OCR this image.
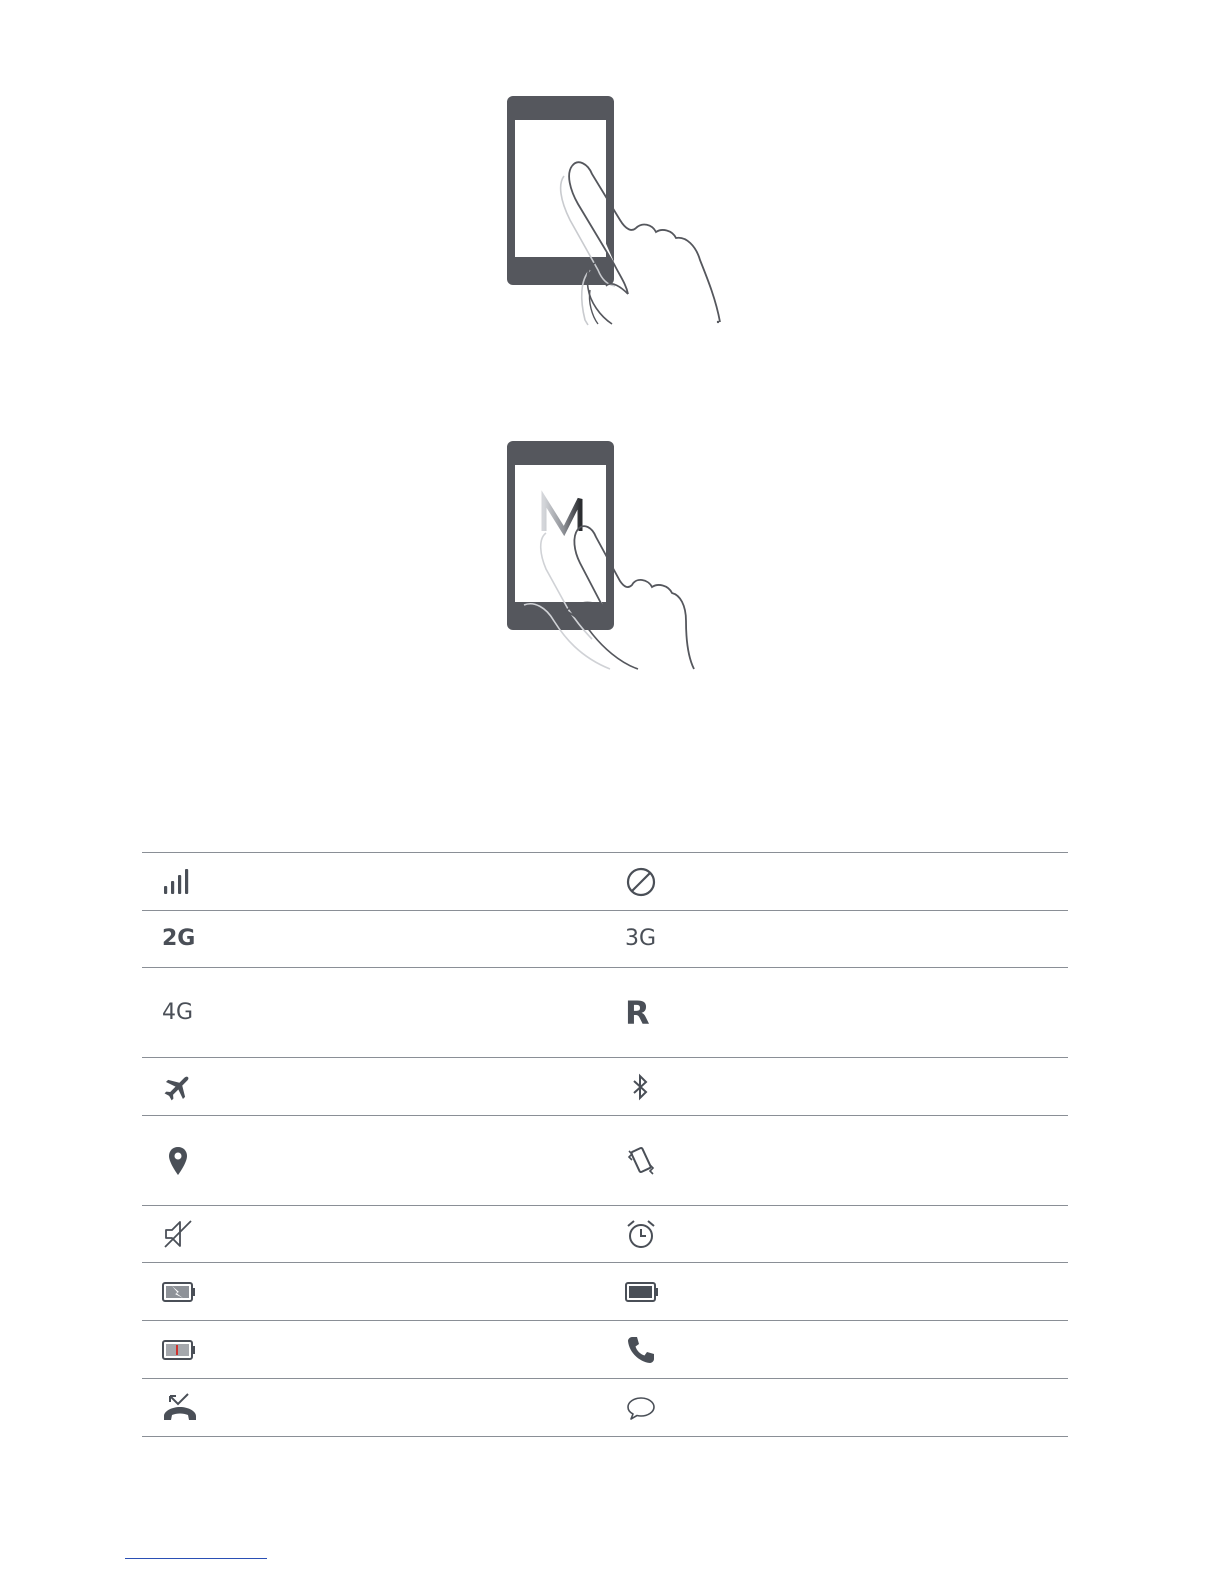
2G	3G
4G	R
